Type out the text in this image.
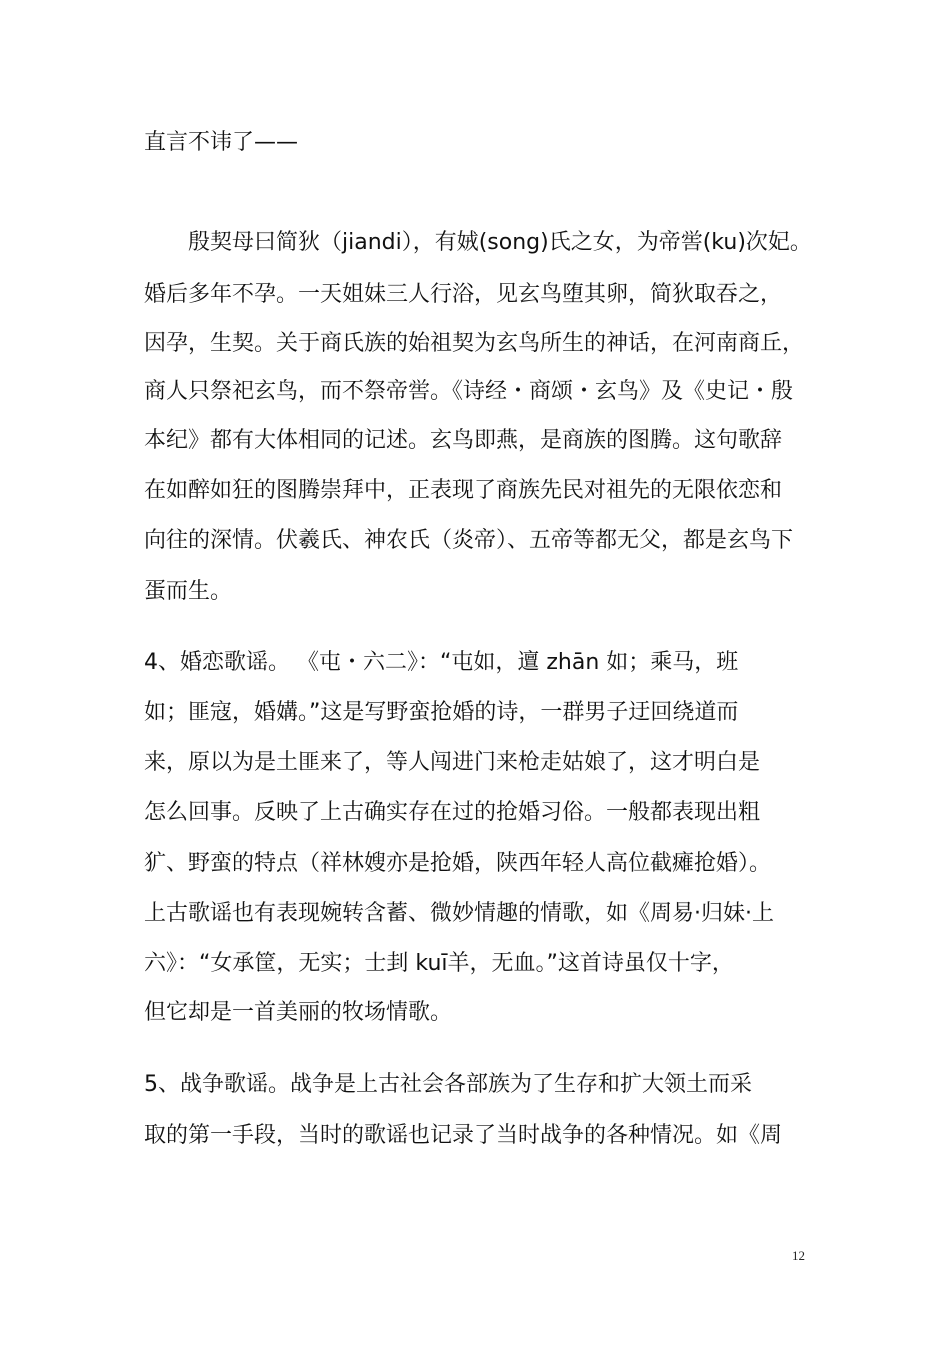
直言不讳了——
　　殷契母曰简狄（jiandi），有娀(song)氏之女，为帝喾(ku)次妃。
婚后多年不孕。一天姐妹三人行浴，见玄鸟堕其卵，简狄取吞之，
因孕，生契。关于商氏族的始祖契为玄鸟所生的神话，在河南商丘，
商人只祭祀玄鸟，而不祭帝喾。《诗经・商颂・玄鸟》及《史记・殷
本纪》都有大体相同的记述。玄鸟即燕，是商族的图腾。这句歌辞
在如醉如狂的图腾崇拜中，正表现了商族先民对祖先的无限依恋和
向往的深情。伏羲氏、神农氏（炎帝）、五帝等都无父，都是玄鸟下
蛋而生。
4、婚恋歌谣。 《屯・六二》：“屯如，邅 zhān 如；乘马，班
如；匪寇，婚媾。”这是写野蛮抢婚的诗，一群男子迂回绕道而
来，原以为是土匪来了，等人闯进门来枪走姑娘了，这才明白是
怎么回事。反映了上古确实存在过的抢婚习俗。一般都表现出粗
犷、野蛮的特点（祥林嫂亦是抢婚，陕西年轻人高位截瘫抢婚）。
上古歌谣也有表现婉转含蓄、微妙情趣的情歌，如《周易·归妹·上
六》：“女承筐，无实；士刲 kuī羊，无血。”这首诗虽仅十字，
但它却是一首美丽的牧场情歌。
5、战争歌谣。战争是上古社会各部族为了生存和扩大领土而采
取的第一手段，当时的歌谣也记录了当时战争的各种情况。如《周
12
